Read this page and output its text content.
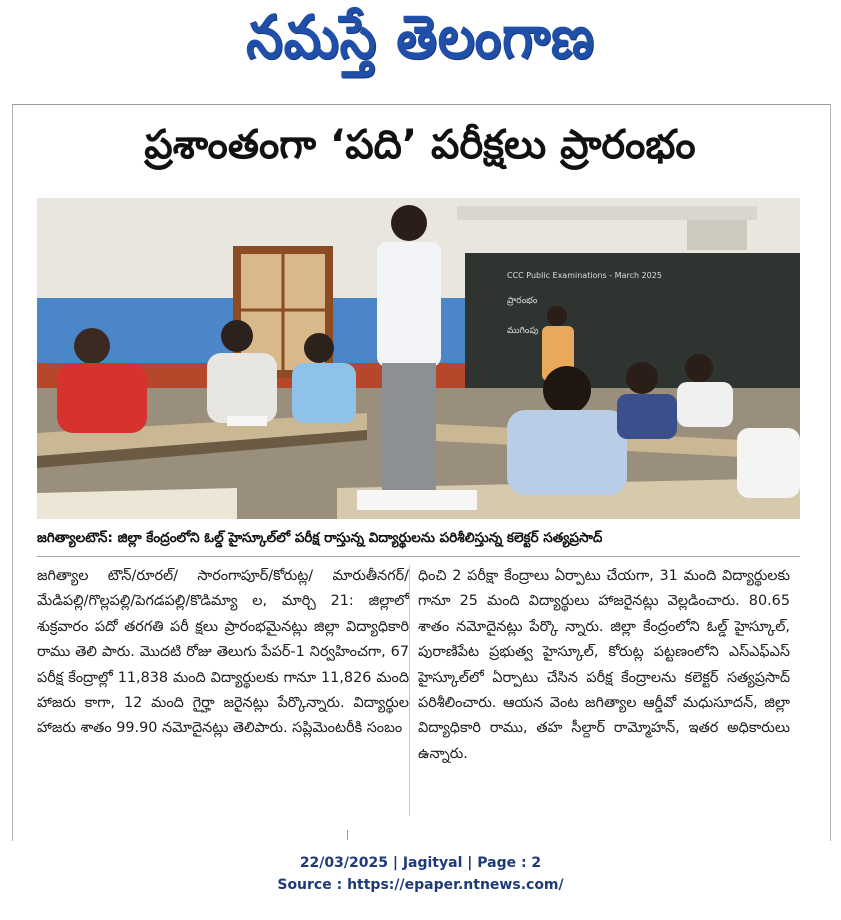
నమస్తే తెలంగాణ
ప్రశాంతంగా ‘పది’ పరీక్షలు ప్రారంభం
CCC Public Examinations - March 2025
ప్రారంభం
ముగింపు
జగిత్యాలటౌన్: జిల్లా కేంద్రంలోని ఓల్డ్ హైస్కూల్‌లో పరీక్ష రాస్తున్న విద్యార్థులను పరిశీలిస్తున్న కలెక్టర్ సత్యప్రసాద్

జగిత్యాల టౌన్/రూరల్/ సారంగాపూర్/కోరుట్ల/ మారుతీనగర్/మేడిపల్లి/గొల్లపల్లి/పెగడపల్లి/కొడిమ్యా ల, మార్చి 21: జిల్లాలో శుక్రవారం పదో తరగతి పరీ క్షలు ప్రారంభమైనట్లు జిల్లా విద్యాధికారి రాము తెలి పారు. మొదటి రోజు తెలుగు పేపర్-1 నిర్వహించగా, 67 పరీక్ష కేంద్రాల్లో 11,838 మంది విద్యార్థులకు గానూ 11,826 మంది హాజరు కాగా, 12 మంది గైర్హా జరైనట్లు పేర్కొన్నారు. విద్యార్థుల హాజరు శాతం 99.90 నమోదైనట్లు తెలిపారు. సప్లిమెంటరీకి సంబం

ధించి 2 పరీక్షా కేంద్రాలు ఏర్పాటు చేయగా, 31 మంది విద్యార్థులకు గానూ 25 మంది విద్యార్థులు హాజరైనట్లు వెల్లడించారు. 80.65 శాతం నమోదైనట్లు పేర్కొ న్నారు. జిల్లా కేంద్రంలోని ఓల్డ్ హైస్కూల్, పురాణిపేట ప్రభుత్వ హైస్కూల్, కోరుట్ల పట్టణంలోని ఎస్ఎఫ్ఎస్ హైస్కూల్‌లో ఏర్పాటు చేసిన పరీక్ష కేంద్రాలను కలెక్టర్ సత్యప్రసాద్ పరిశీలించారు. ఆయన వెంట జగిత్యాల ఆర్డీవో మధుసూదన్, జిల్లా విద్యాధికారి రాము, తహ సీల్దార్ రామ్మోహన్, ఇతర అధికారులు ఉన్నారు.

22/03/2025 | Jagityal | Page : 2
Source : https://epaper.ntnews.com/
